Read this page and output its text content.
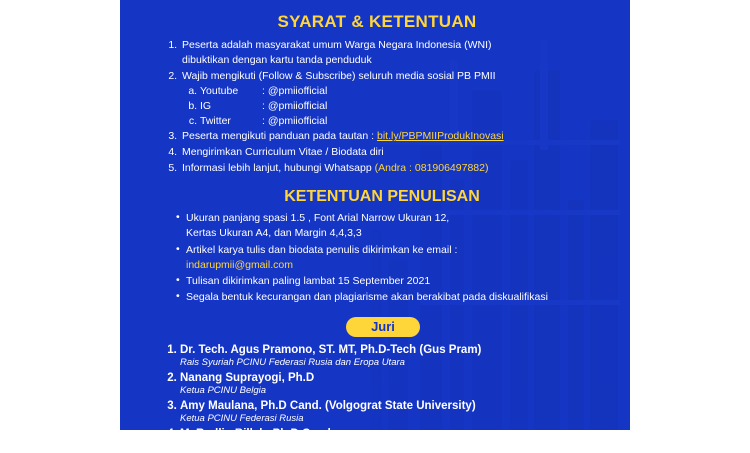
SYARAT & KETENTUAN
1. Peserta adalah masyarakat umum Warga Negara Indonesia (WNI)
dibuktikan dengan kartu tanda penduduk
2. Wajib mengikuti (Follow & Subscribe) seluruh media sosial PB PMII
a. Youtube	: @pmiiofficial
b. IG	: @pmiiofficial
c. Twitter	: @pmiiofficial
3. Peserta mengikuti panduan pada tautan : bit.ly/PBPMIIProdukInovasi
4. Mengirimkan Curriculum Vitae / Biodata diri
5. Informasi lebih lanjut, hubungi Whatsapp (Andra : 081906497882)
KETENTUAN PENULISAN
• Ukuran panjang spasi 1.5 , Font Arial Narrow Ukuran 12,
Kertas Ukuran A4, dan Margin 4,4,3,3
• Artikel karya tulis dan biodata penulis dikirimkan ke email :
indarupmii@gmail.com
• Tulisan dikirimkan paling lambat 15 September 2021
• Segala bentuk kecurangan dan plagiarisme akan berakibat pada diskualifikasi
Juri
1. Dr. Tech. Agus Pramono, ST. MT, Ph.D-Tech (Gus Pram)
Rais Syuriah PCINU Federasi Rusia dan Eropa Utara
2. Nanang Suprayogi, Ph.D
Ketua PCINU Belgia
3. Amy Maulana, Ph.D Cand. (Volgograt State University)
Ketua PCINU Federasi Rusia
4. M. Rodlin Billah, Ph.D Cand.
Ketua PCINU Jerman
